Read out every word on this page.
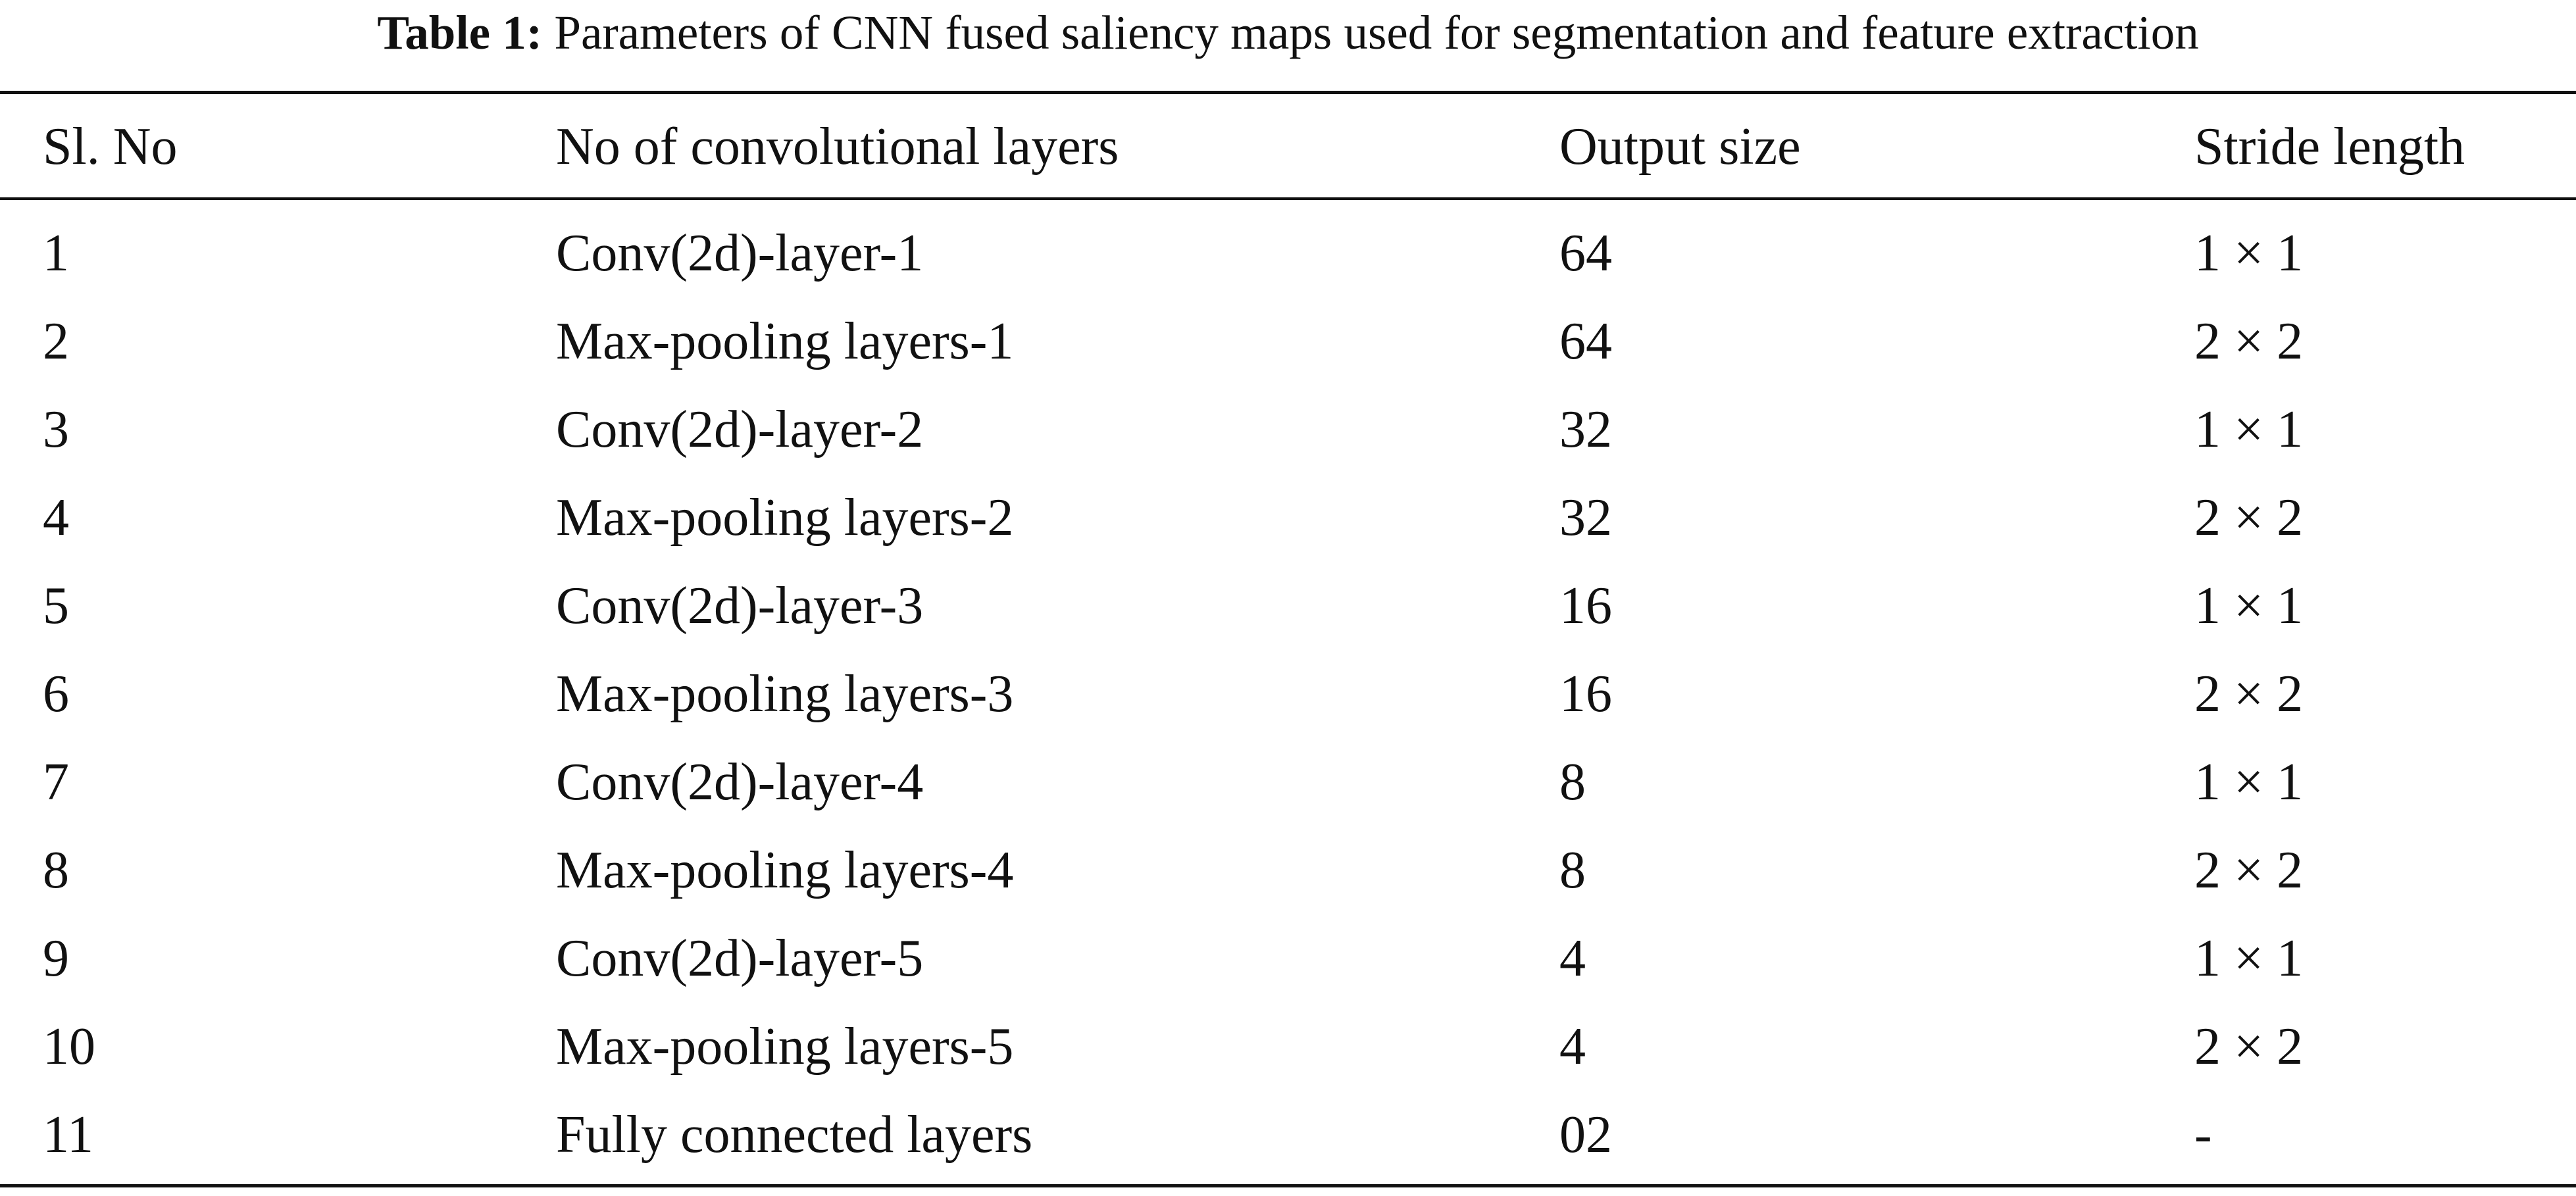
Table 1: Parameters of CNN fused saliency maps used for segmentation and feature extraction
Sl. No	No of convolutional layers	Output size	Stride length
1	Conv(2d)-layer-1	64	1 × 1
2	Max-pooling layers-1	64	2 × 2
3	Conv(2d)-layer-2	32	1 × 1
4	Max-pooling layers-2	32	2 × 2
5	Conv(2d)-layer-3	16	1 × 1
6	Max-pooling layers-3	16	2 × 2
7	Conv(2d)-layer-4	8	1 × 1
8	Max-pooling layers-4	8	2 × 2
9	Conv(2d)-layer-5	4	1 × 1
10	Max-pooling layers-5	4	2 × 2
11	Fully connected layers	02	-
